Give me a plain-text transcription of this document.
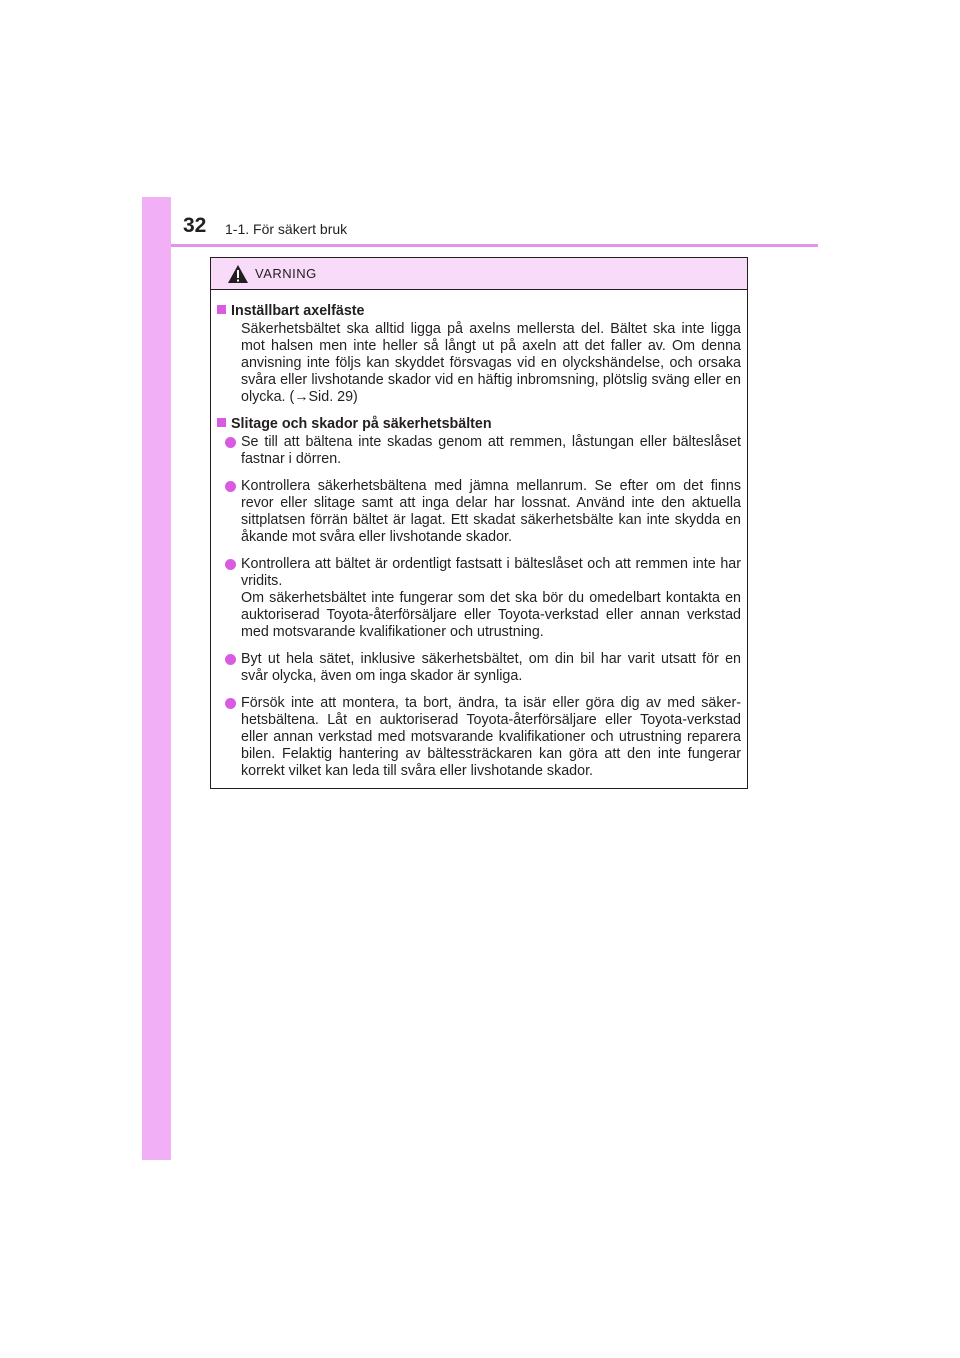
32 1-1. För säkert bruk
VARNING
Inställbart axelfäste

Säkerhetsbältet ska alltid ligga på axelns mellersta del. Bältet ska inte ligga mot halsen men inte heller så långt ut på axeln att det faller av. Om denna anvisning inte följs kan skyddet försvagas vid en olyckshändelse, och orsaka svåra eller livshotande skador vid en häftig inbromsning, plötslig sväng eller en olycka. (→Sid. 29)

Slitage och skador på säkerhetsbälten

Se till att bältena inte skadas genom att remmen, låstungan eller bälteslåset fastnar i dörren.

Kontrollera säkerhetsbältena med jämna mellanrum. Se efter om det finns revor eller slitage samt att inga delar har lossnat. Använd inte den aktuella sittplatsen förrän bältet är lagat. Ett skadat säkerhetsbälte kan inte skydda en åkande mot svåra eller livshotande skador.

Kontrollera att bältet är ordentligt fastsatt i bälteslåset och att remmen inte har vridits.

Om säkerhetsbältet inte fungerar som det ska bör du omedelbart kontakta en auktoriserad Toyota-återförsäljare eller Toyota-verkstad eller annan verkstad med motsvarande kvalifikationer och utrustning.

Byt ut hela sätet, inklusive säkerhetsbältet, om din bil har varit utsatt för en svår olycka, även om inga skador är synliga.

Försök inte att montera, ta bort, ändra, ta isär eller göra dig av med säkerhetsbältena. Låt en auktoriserad Toyota-återförsäljare eller Toyota-verkstad eller annan verkstad med motsvarande kvalifikationer och utrustning reparera bilen. Felaktig hantering av bältessträckaren kan göra att den inte fungerar korrekt vilket kan leda till svåra eller livshotande skador.
